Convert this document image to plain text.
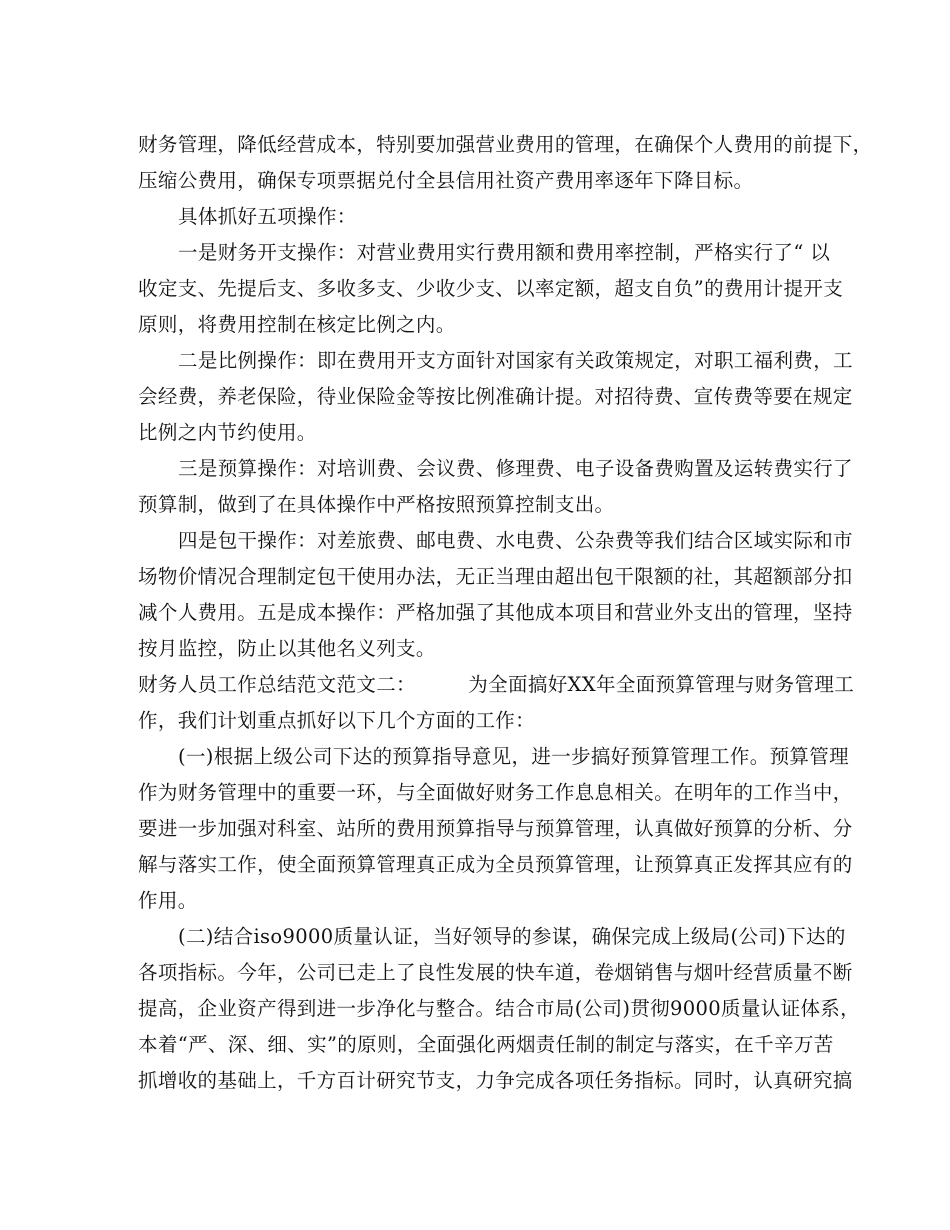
财务管理，降低经营成本，特别要加强营业费用的管理，在确保个人费用的前提下，
压缩公费用，确保专项票据兑付全县信用社资产费用率逐年下降目标。
具体抓好五项操作：
一是财务开支操作：对营业费用实行费用额和费用率控制，严格实行了“ 以
收定支、先提后支、多收多支、少收少支、以率定额，超支自负”的费用计提开支
原则，将费用控制在核定比例之内。
二是比例操作：即在费用开支方面针对国家有关政策规定，对职工福利费，工
会经费，养老保险，待业保险金等按比例准确计提。对招待费、宣传费等要在规定
比例之内节约使用。
三是预算操作：对培训费、会议费、修理费、电子设备费购置及运转费实行了
预算制，做到了在具体操作中严格按照预算控制支出。
四是包干操作：对差旅费、邮电费、水电费、公杂费等我们结合区域实际和市
场物价情况合理制定包干使用办法，无正当理由超出包干限额的社，其超额部分扣
减个人费用。五是成本操作：严格加强了其他成本项目和营业外支出的管理，坚持
按月监控，防止以其他名义列支。
财务人员工作总结范文范文二：        为全面搞好XX年全面预算管理与财务管理工
作，我们计划重点抓好以下几个方面的工作：
(一)根据上级公司下达的预算指导意见，进一步搞好预算管理工作。预算管理
作为财务管理中的重要一环，与全面做好财务工作息息相关。在明年的工作当中，
要进一步加强对科室、站所的费用预算指导与预算管理，认真做好预算的分析、分
解与落实工作，使全面预算管理真正成为全员预算管理，让预算真正发挥其应有的
作用。
(二)结合iso9000质量认证，当好领导的参谋，确保完成上级局(公司)下达的
各项指标。今年，公司已走上了良性发展的快车道，卷烟销售与烟叶经营质量不断
提高，企业资产得到进一步净化与整合。结合市局(公司)贯彻9000质量认证体系，
本着“严、深、细、实”的原则，全面强化两烟责任制的制定与落实，在千辛万苦
抓增收的基础上，千方百计研究节支，力争完成各项任务指标。同时，认真研究搞
